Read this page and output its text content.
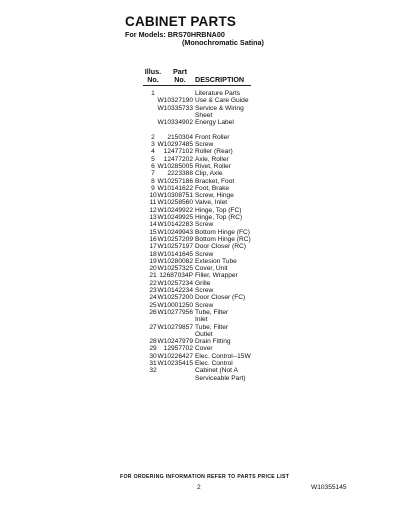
CABINET PARTS
For Models: BRS70HRBNA00
(Monochromatic Satina)
Illus.	Part
No.	No.	DESCRIPTION
1	Literature Parts
W10327190 Use & Care Guide
W10335733 Service & Wiring
Sheet
W10334902 Energy Label
2	2150304 Front Roller
3 W10297485 Screw
4	12477102 Roller (Rear)
5	12477202 Axle, Roller
6 W10285005 Rivet, Roller
7	2223388 Clip, Axle
8 W10257186 Bracket, Foot
9 W10141622 Foot, Brake
10 W10308751 Screw, Hinge
11 W10258560 Valve, Inlet
12 W10249922 Hinge, Top (FC)
13 W10249925 Hinge, Top (RC)
14 W10142283 Screw
15 W10249943 Bottom Hinge (FC)
16 W10257209 Bottom Hinge (RC)
17 W10257197 Door Closer (RC)
18 W10141645 Screw
19 W10280082 Extesion Tube
20 W10257325 Cover, Unit
21 12687034P Filler, Wrapper
22 W10257234 Grille
23 W10142234 Screw
24 W10257200 Door Closer (FC)
25 W10001250 Screw
26 W10277956 Tube, Filter
Inlet
27 W10279857 Tube, Filter
Outlet
28 W10247979 Drain Fitting
29	12957702 Cover
30 W10226427 Elec. Control--15W
31 W10235415 Elec. Control
32	Cabinet (Not A
Serviceable Part)
FOR ORDERING INFORMATION REFER TO PARTS PRICE LIST
2	W10355145
